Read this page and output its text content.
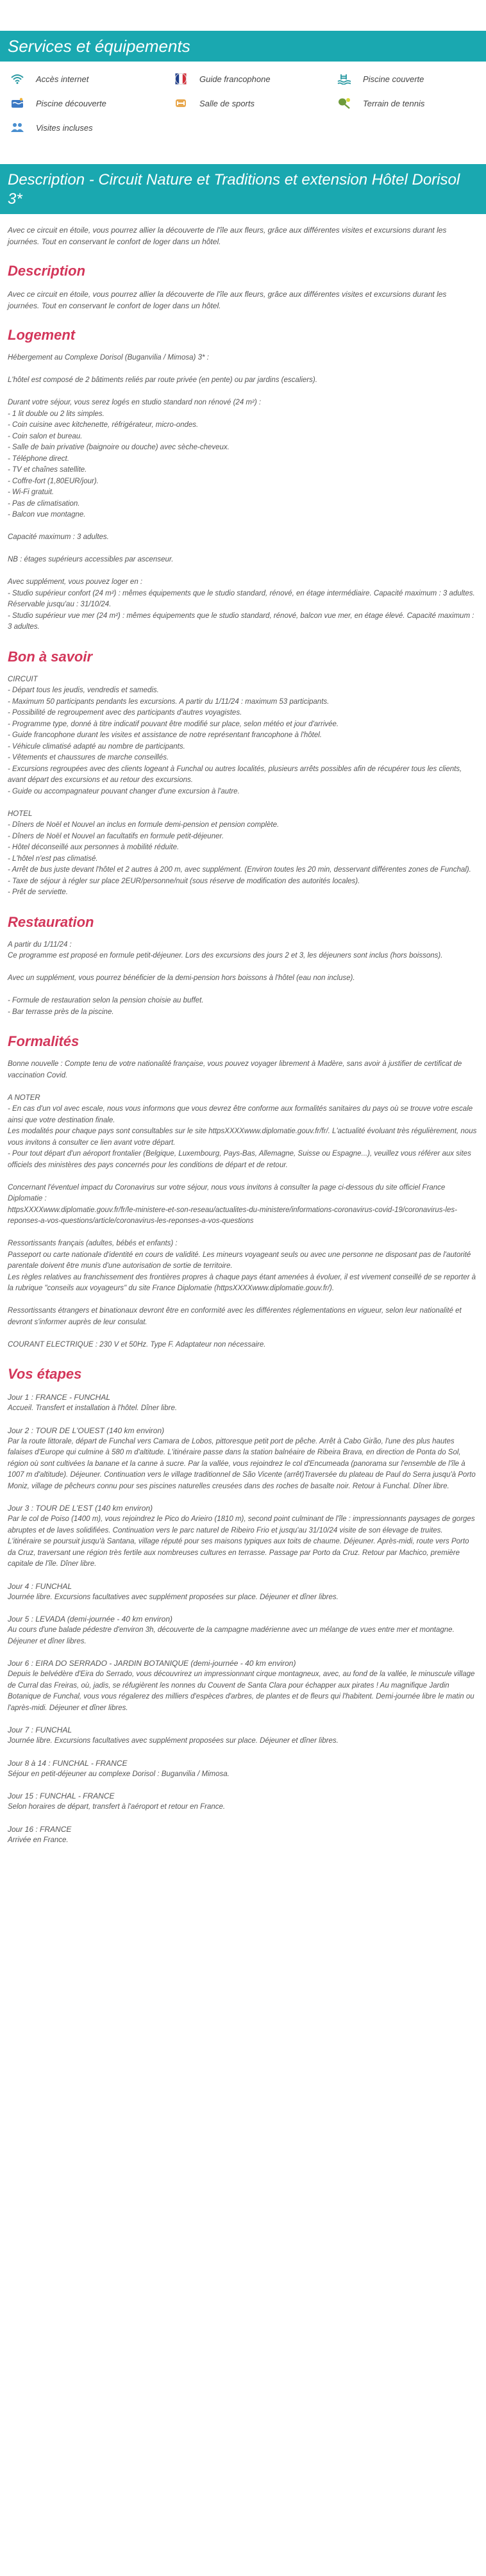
Services et équipements
Accès internet	Guide francophone	Piscine couverte
Piscine découverte	Salle de sports	Terrain de tennis
Visites incluses
Description - Circuit Nature et Traditions et extension Hôtel Dorisol 3*

Avec ce circuit en étoile, vous pourrez allier la découverte de l'île aux fleurs, grâce aux différentes visites et excursions durant les journées. Tout en conservant le confort de loger dans un hôtel.

Description

Avec ce circuit en étoile, vous pourrez allier la découverte de l'île aux fleurs, grâce aux différentes visites et excursions durant les journées. Tout en conservant le confort de loger dans un hôtel.

Logement
Hébergement au Complexe Dorisol (Buganvilia / Mimosa) 3* :

L'hôtel est composé de 2 bâtiments reliés par route privée (en pente) ou par jardins (escaliers).

Durant votre séjour, vous serez logés en studio standard non rénové (24 m²) :
- 1 lit double ou 2 lits simples.
- Coin cuisine avec kitchenette, réfrigérateur, micro-ondes.
- Coin salon et bureau.
- Salle de bain privative (baignoire ou douche) avec sèche-cheveux.
- Téléphone direct.
- TV et chaînes satellite.
- Coffre-fort (1,80EUR/jour).
- Wi-Fi gratuit.
- Pas de climatisation.
- Balcon vue montagne.

Capacité maximum : 3 adultes.

NB : étages supérieurs accessibles par ascenseur.

Avec supplément, vous pouvez loger en :
- Studio supérieur confort (24 m²) : mêmes équipements que le studio standard, rénové, en étage intermédiaire. Capacité maximum : 3 adultes. Réservable jusqu'au : 31/10/24.
- Studio supérieur vue mer (24 m²) : mêmes équipements que le studio standard, rénové, balcon vue mer, en étage élevé. Capacité maximum : 3 adultes.
Bon à savoir
CIRCUIT
- Départ tous les jeudis, vendredis et samedis.
- Maximum 50 participants pendants les excursions. A partir du 1/11/24 : maximum 53 participants.
- Possibilité de regroupement avec des participants d'autres voyagistes.
- Programme type, donné à titre indicatif pouvant être modifié sur place, selon météo et jour d'arrivée.
- Guide francophone durant les visites et assistance de notre représentant francophone à l'hôtel.
- Véhicule climatisé adapté au nombre de participants.
- Vêtements et chaussures de marche conseillés.
- Excursions regroupées avec des clients logeant à Funchal ou autres localités, plusieurs arrêts possibles afin de récupérer tous les clients, avant départ des excursions et au retour des excursions.
- Guide ou accompagnateur pouvant changer d'une excursion à l'autre.

HOTEL
- Dîners de Noël et Nouvel an inclus en formule demi-pension et pension complète.
- Dîners de Noël et Nouvel an facultatifs en formule petit-déjeuner.
- Hôtel déconseillé aux personnes à mobilité réduite.
- L'hôtel n'est pas climatisé.
- Arrêt de bus juste devant l'hôtel et 2 autres à 200 m, avec supplément. (Environ toutes les 20 min, desservant différentes zones de Funchal).
- Taxe de séjour à régler sur place 2EUR/personne/nuit (sous réserve de modification des autorités locales).
- Prêt de serviette.
Restauration
A partir du 1/11/24 :
Ce programme est proposé en formule petit-déjeuner. Lors des excursions des jours 2 et 3, les déjeuners sont inclus (hors boissons).

Avec un supplément, vous pourrez bénéficier de la demi-pension hors boissons à l'hôtel (eau non incluse).

- Formule de restauration selon la pension choisie au buffet.
- Bar terrasse près de la piscine.
Formalités
Bonne nouvelle : Compte tenu de votre nationalité française, vous pouvez voyager librement à Madère, sans avoir à justifier de certificat de vaccination Covid.

A NOTER
- En cas d'un vol avec escale, nous vous informons que vous devrez être conforme aux formalités sanitaires du pays où se trouve votre escale ainsi que votre destination finale.
Les modalités pour chaque pays sont consultables sur le site httpsXXXXwww.diplomatie.gouv.fr/fr/. L'actualité évoluant très régulièrement, nous vous invitons à consulter ce lien avant votre départ.
- Pour tout départ d'un aéroport frontalier (Belgique, Luxembourg, Pays-Bas, Allemagne, Suisse ou Espagne...), veuillez vous référer aux sites officiels des ministères des pays concernés pour les conditions de départ et de retour.

Concernant l'éventuel impact du Coronavirus sur votre séjour, nous vous invitons à consulter la page ci-dessous du site officiel France Diplomatie :
httpsXXXXwww.diplomatie.gouv.fr/fr/le-ministere-et-son-reseau/actualites-du-ministere/informations-coronavirus-covid-19/coronavirus-les-reponses-a-vos-questions/article/coronavirus-les-reponses-a-vos-questions

Ressortissants français (adultes, bébés et enfants) :
Passeport ou carte nationale d'identité en cours de validité. Les mineurs voyageant seuls ou avec une personne ne disposant pas de l'autorité parentale doivent être munis d'une autorisation de sortie de territoire.
Les règles relatives au franchissement des frontières propres à chaque pays étant amenées à évoluer, il est vivement conseillé de se reporter à la rubrique "conseils aux voyageurs" du site France Diplomatie (httpsXXXXwww.diplomatie.gouv.fr/).

Ressortissants étrangers et binationaux devront être en conformité avec les différentes réglementations en vigueur, selon leur nationalité et devront s'informer auprès de leur consulat.

COURANT ELECTRIQUE : 230 V et 50Hz. Type F. Adaptateur non nécessaire.
Vos étapes
Jour 1 : FRANCE - FUNCHAL
Accueil. Transfert et installation à l'hôtel. Dîner libre.
Jour 2 : TOUR DE L'OUEST (140 km environ)
Par la route littorale, départ de Funchal vers Camara de Lobos, pittoresque petit port de pêche. Arrêt à Cabo Girão, l'une des plus hautes falaises d'Europe qui culmine à 580 m d'altitude. L'itinéraire passe dans la station balnéaire de Ribeira Brava, en direction de Ponta do Sol, région où sont cultivées la banane et la canne à sucre. Par la vallée, vous rejoindrez le col d'Encumeada (panorama sur l'ensemble de l'île à 1007 m d'altitude). Déjeuner. Continuation vers le village traditionnel de São Vicente (arrêt)Traversée du plateau de Paul do Serra jusqu'à Porto Moniz, village de pêcheurs connu pour ses piscines naturelles creusées dans des roches de basalte noir. Retour à Funchal. Dîner libre.
Jour 3 : TOUR DE L'EST (140 km environ)
Par le col de Poiso (1400 m), vous rejoindrez le Pico do Arieiro (1810 m), second point culminant de l'île : impressionnants paysages de gorges abruptes et de laves solidifiées. Continuation vers le parc naturel de Ribeiro Frio et jusqu'au 31/10/24 visite de son élevage de truites. L'itinéraire se poursuit jusqu'à Santana, village réputé pour ses maisons typiques aux toits de chaume. Déjeuner. Après-midi, route vers Porto da Cruz, traversant une région très fertile aux nombreuses cultures en terrasse. Passage par Porto da Cruz. Retour par Machico, première capitale de l'île. Dîner libre.
Jour 4 : FUNCHAL
Journée libre. Excursions facultatives avec supplément proposées sur place. Déjeuner et dîner libres.
Jour 5 : LEVADA (demi-journée - 40 km environ)
Au cours d'une balade pédestre d'environ 3h, découverte de la campagne madérienne avec un mélange de vues entre mer et montagne.
Déjeuner et dîner libres.
Jour 6 : EIRA DO SERRADO - JARDIN BOTANIQUE (demi-journée - 40 km environ)
Depuis le belvédère d'Eira do Serrado, vous découvrirez un impressionnant cirque montagneux, avec, au fond de la vallée, le minuscule village de Curral das Freiras, où, jadis, se réfugièrent les nonnes du Couvent de Santa Clara pour échapper aux pirates ! Au magnifique Jardin Botanique de Funchal, vous vous régalerez des milliers d'espèces d'arbres, de plantes et de fleurs qui l'habitent. Demi-journée libre le matin ou l'après-midi. Déjeuner et dîner libres.
Jour 7 : FUNCHAL
Journée libre. Excursions facultatives avec supplément proposées sur place. Déjeuner et dîner libres.
Jour 8 à 14 : FUNCHAL - FRANCE
Séjour en petit-déjeuner au complexe Dorisol : Buganvilia / Mimosa.
Jour 15 : FUNCHAL - FRANCE
Selon horaires de départ, transfert à l'aéroport et retour en France.
Jour 16 : FRANCE
Arrivée en France.
